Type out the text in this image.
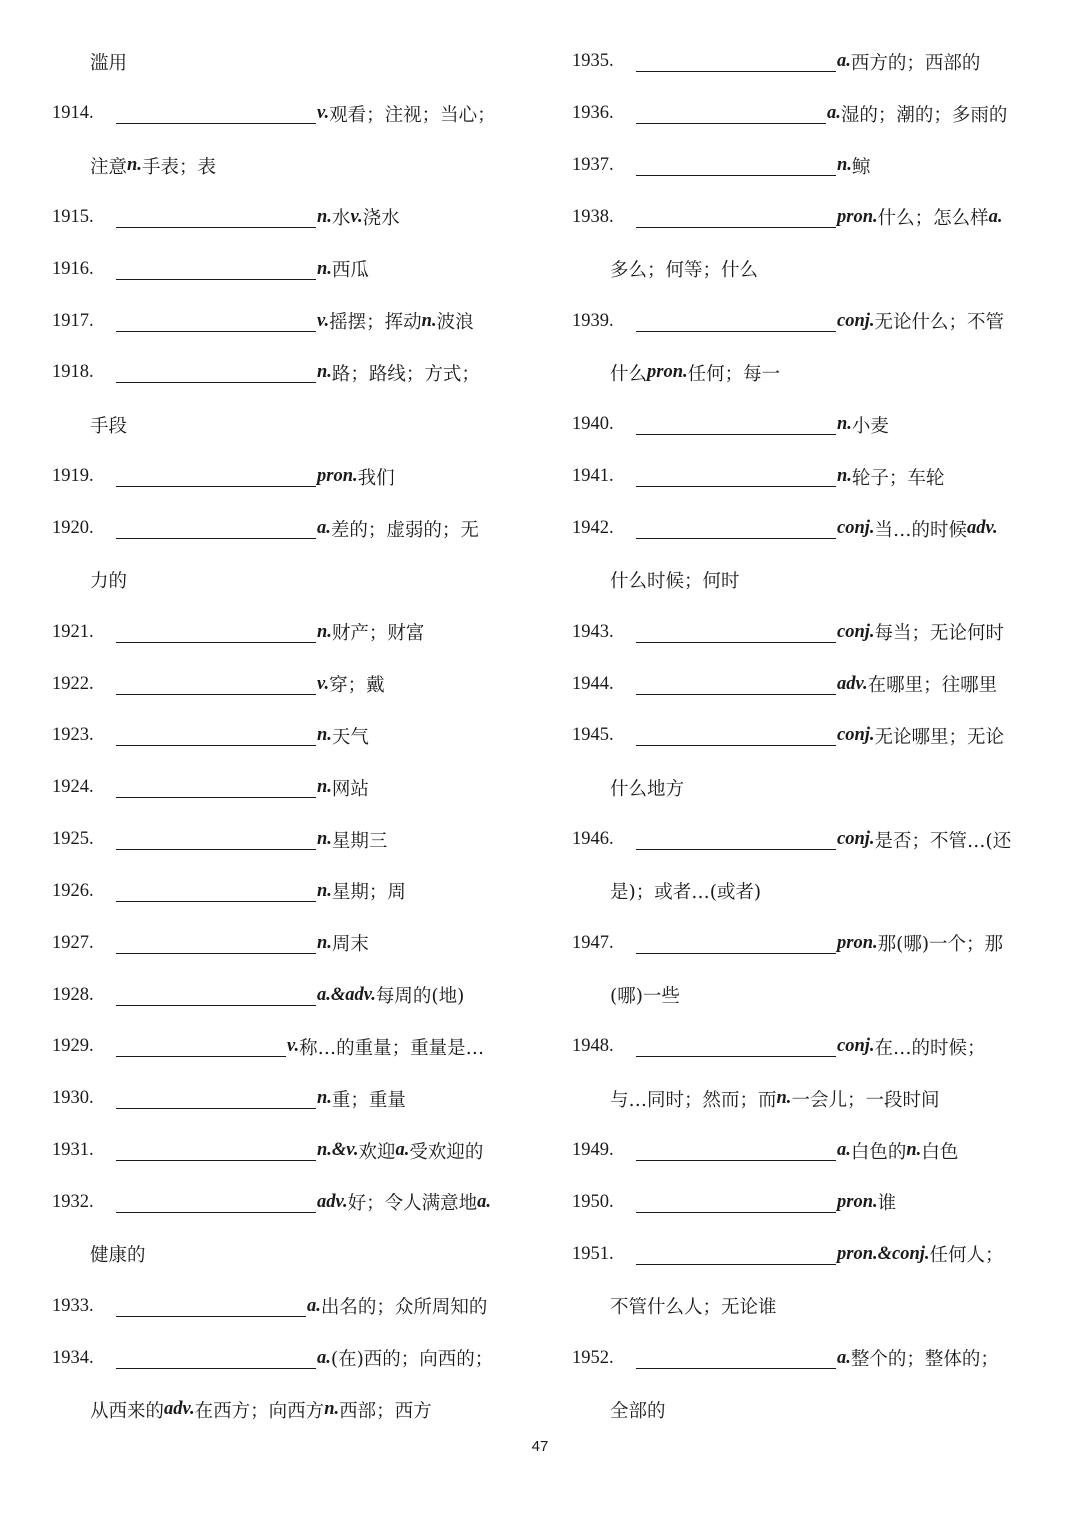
滥用
1914.	v. 观看；注视；当心；
注意 n. 手表；表
1915.	n. 水 v. 浇水
1916.	n. 西瓜
1917.	v. 摇摆；挥动 n. 波浪
1918.	n. 路；路线；方式；
手段
1919.	pron. 我们
1920.	a. 差的；虚弱的；无
力的
1921.	n. 财产；财富
1922.	v. 穿；戴
1923.	n. 天气
1924.	n. 网站
1925.	n. 星期三
1926.	n. 星期；周
1927.	n. 周末
1928.	a.&adv. 每周的(地)
1929.	v. 称…的重量；重量是…
1930.	n. 重；重量
1931.	n.&v. 欢迎 a. 受欢迎的
1932.	adv. 好；令人满意地 a.
健康的
1933.	a. 出名的；众所周知的
1934.	a. (在)西的；向西的；
从西来的 adv. 在西方；向西方 n. 西部；西方
1935.	a. 西方的；西部的
1936.	a. 湿的；潮的；多雨的
1937.	n. 鲸
1938.	pron. 什么；怎么样 a.
多么；何等；什么
1939.	conj. 无论什么；不管
什么 pron. 任何；每一
1940.	n. 小麦
1941.	n. 轮子；车轮
1942.	conj. 当…的时候 adv.
什么时候；何时
1943.	conj. 每当；无论何时
1944.	adv. 在哪里；往哪里
1945.	conj. 无论哪里；无论
什么地方
1946.	conj. 是否；不管…(还
是)；或者…(或者)
1947.	pron. 那(哪)一个；那
(哪)一些
1948.	conj. 在…的时候；
与…同时；然而；而 n. 一会儿；一段时间
1949.	a. 白色的 n. 白色
1950.	pron. 谁
1951.	pron.&conj. 任何人；
不管什么人；无论谁
1952.	a. 整个的；整体的；
全部的
47
